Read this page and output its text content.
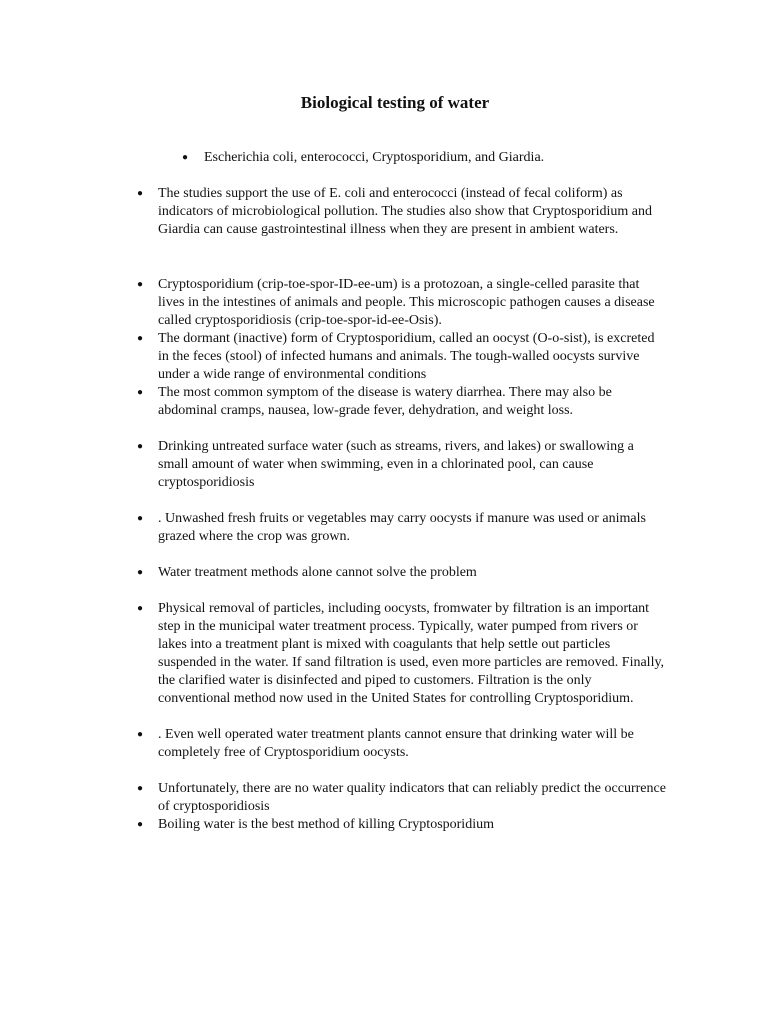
Biological testing of water
●	Escherichia coli, enterococci, Cryptosporidium, and Giardia.
●	The studies support the use of E. coli and enterococci (instead of fecal coliform) as indicators of microbiological pollution. The studies also show that Cryptosporidium and Giardia can cause gastrointestinal illness when they are present in ambient waters.
●	Cryptosporidium (crip-toe-spor-ID-ee-um) is a protozoan, a single-celled parasite that lives in the intestines of animals and people. This microscopic pathogen causes a disease called cryptosporidiosis (crip-toe-spor-id-ee-Osis).
●	The dormant (inactive) form of Cryptosporidium, called an oocyst (O-o-sist), is excreted in the feces (stool) of infected humans and animals. The tough-walled oocysts survive under a wide range of environmental conditions
●	The most common symptom of the disease is watery diarrhea. There may also be abdominal cramps, nausea, low-grade fever, dehydration, and weight loss.
●	Drinking untreated surface water (such as streams, rivers, and lakes) or swallowing a small amount of water when swimming, even in a chlorinated pool, can cause cryptosporidiosis
●	. Unwashed fresh fruits or vegetables may carry oocysts if manure was used or animals grazed where the crop was grown.
●	Water treatment methods alone cannot solve the problem
●	Physical removal of particles, including oocysts, fromwater by filtration is an important step in the municipal water treatment process. Typically, water pumped from rivers or lakes into a treatment plant is mixed with coagulants that help settle out particles suspended in the water. If sand filtration is used, even more particles are removed. Finally, the clarified water is disinfected and piped to customers. Filtration is the only conventional method now used in the United States for controlling Cryptosporidium.
●	. Even well operated water treatment plants cannot ensure that drinking water will be completely free of Cryptosporidium oocysts.
●	Unfortunately, there are no water quality indicators that can reliably predict the occurrence of cryptosporidiosis
●	Boiling water is the best method of killing Cryptosporidium
